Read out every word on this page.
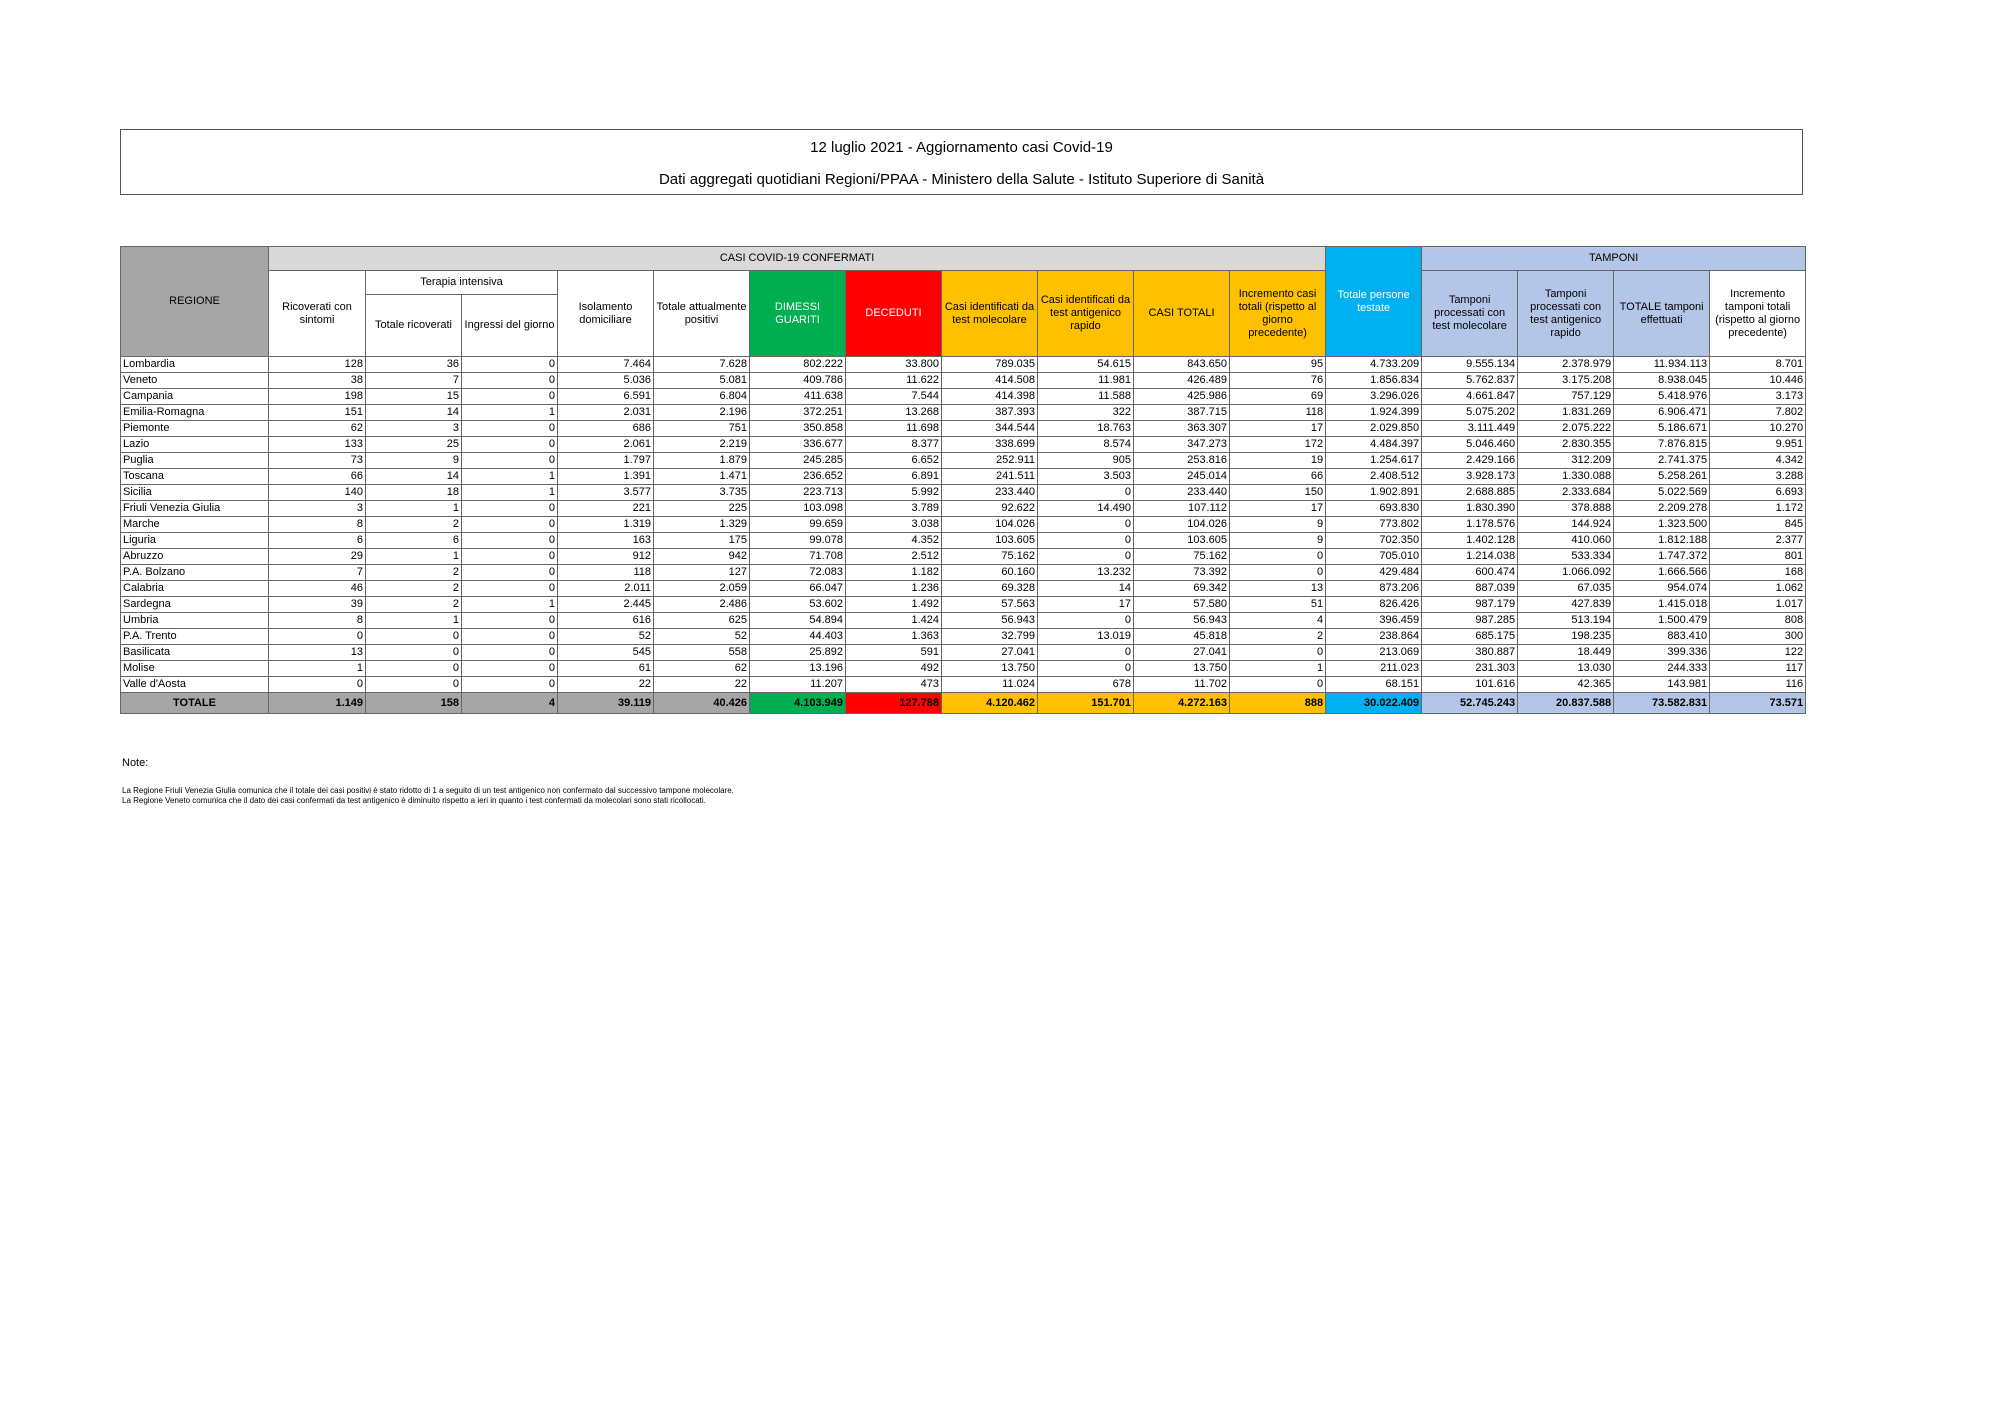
12 luglio 2021 - Aggiornamento casi Covid-19
Dati aggregati quotidiani Regioni/PPAA - Ministero della Salute - Istituto Superiore di Sanità
REGIONE	CASI COVID-19 CONFERMATI											Totale persone testate	TAMPONI			
	Ricoverati con sintomi	Terapia intensiva		Isolamento domiciliare	Totale attualmente positivi	DIMESSI GUARITI	DECEDUTI	Casi identificati da test molecolare	Casi identificati da test antigenico rapido	CASI TOTALI	Incremento casi totali (rispetto al giorno precedente)		Tamponi processati con test molecolare	Tamponi processati con test antigenico rapido	TOTALE tamponi effettuati	Incremento tamponi totali (rispetto al giorno precedente)
		Totale ricoverati	Ingressi del giorno													
Lombardia	128	36	0	7.464	7.628	802.222	33.800	789.035	54.615	843.650	95	4.733.209	9.555.134	2.378.979	11.934.113	8.701
Veneto	38	7	0	5.036	5.081	409.786	11.622	414.508	11.981	426.489	76	1.856.834	5.762.837	3.175.208	8.938.045	10.446
Campania	198	15	0	6.591	6.804	411.638	7.544	414.398	11.588	425.986	69	3.296.026	4.661.847	757.129	5.418.976	3.173
Emilia-Romagna	151	14	1	2.031	2.196	372.251	13.268	387.393	322	387.715	118	1.924.399	5.075.202	1.831.269	6.906.471	7.802
Piemonte	62	3	0	686	751	350.858	11.698	344.544	18.763	363.307	17	2.029.850	3.111.449	2.075.222	5.186.671	10.270
Lazio	133	25	0	2.061	2.219	336.677	8.377	338.699	8.574	347.273	172	4.484.397	5.046.460	2.830.355	7.876.815	9.951
Puglia	73	9	0	1.797	1.879	245.285	6.652	252.911	905	253.816	19	1.254.617	2.429.166	312.209	2.741.375	4.342
Toscana	66	14	1	1.391	1.471	236.652	6.891	241.511	3.503	245.014	66	2.408.512	3.928.173	1.330.088	5.258.261	3.288
Sicilia	140	18	1	3.577	3.735	223.713	5.992	233.440	0	233.440	150	1.902.891	2.688.885	2.333.684	5.022.569	6.693
Friuli Venezia Giulia	3	1	0	221	225	103.098	3.789	92.622	14.490	107.112	17	693.830	1.830.390	378.888	2.209.278	1.172
Marche	8	2	0	1.319	1.329	99.659	3.038	104.026	0	104.026	9	773.802	1.178.576	144.924	1.323.500	845
Liguria	6	6	0	163	175	99.078	4.352	103.605	0	103.605	9	702.350	1.402.128	410.060	1.812.188	2.377
Abruzzo	29	1	0	912	942	71.708	2.512	75.162	0	75.162	0	705.010	1.214.038	533.334	1.747.372	801
P.A. Bolzano	7	2	0	118	127	72.083	1.182	60.160	13.232	73.392	0	429.484	600.474	1.066.092	1.666.566	168
Calabria	46	2	0	2.011	2.059	66.047	1.236	69.328	14	69.342	13	873.206	887.039	67.035	954.074	1.062
Sardegna	39	2	1	2.445	2.486	53.602	1.492	57.563	17	57.580	51	826.426	987.179	427.839	1.415.018	1.017
Umbria	8	1	0	616	625	54.894	1.424	56.943	0	56.943	4	396.459	987.285	513.194	1.500.479	808
P.A. Trento	0	0	0	52	52	44.403	1.363	32.799	13.019	45.818	2	238.864	685.175	198.235	883.410	300
Basilicata	13	0	0	545	558	25.892	591	27.041	0	27.041	0	213.069	380.887	18.449	399.336	122
Molise	1	0	0	61	62	13.196	492	13.750	0	13.750	1	211.023	231.303	13.030	244.333	117
Valle d'Aosta	0	0	0	22	22	11.207	473	11.024	678	11.702	0	68.151	101.616	42.365	143.981	116
TOTALE	1.149	158	4	39.119	40.426	4.103.949	127.788	4.120.462	151.701	4.272.163	888	30.022.409	52.745.243	20.837.588	73.582.831	73.571
Note:
La Regione Friuli Venezia Giulia comunica che il totale dei casi positivi è stato ridotto di 1 a seguito di un test antigenico non confermato dal successivo tampone molecolare.
La Regione Veneto comunica che il dato dei casi confermati da test antigenico è diminuito rispetto a ieri in quanto i test confermati da molecolari sono stati ricollocati.
